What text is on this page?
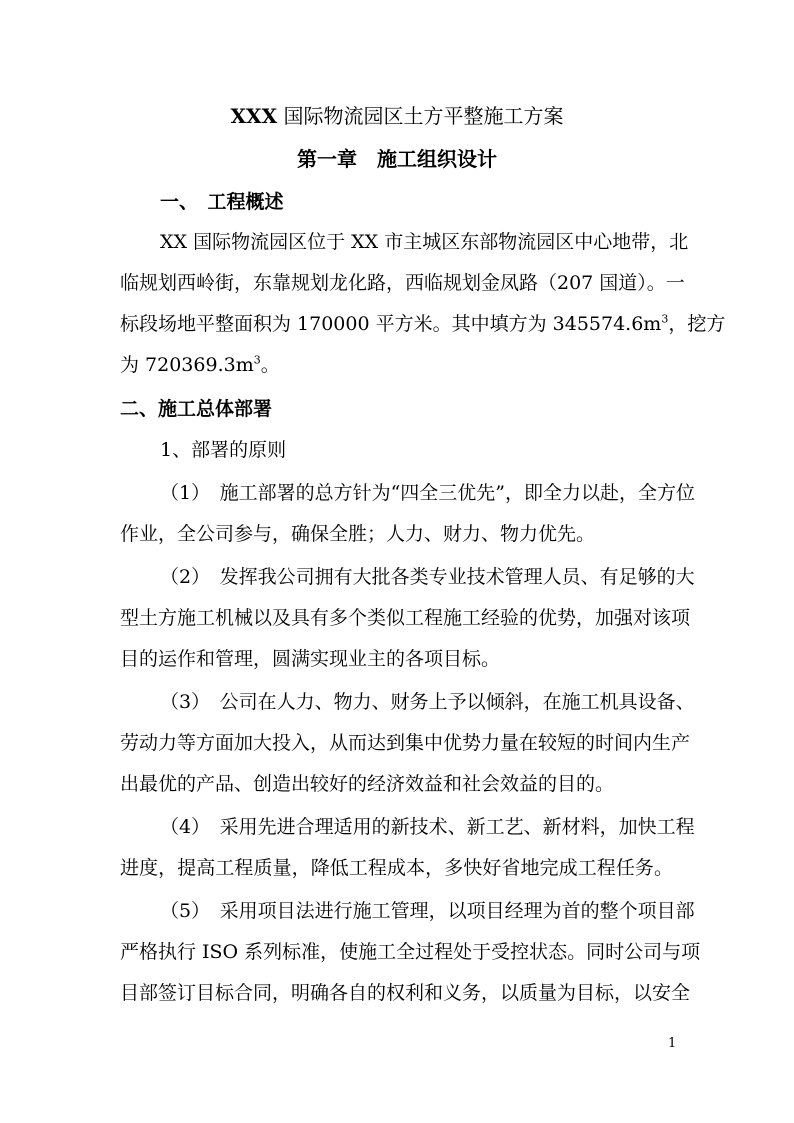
XXX 国际物流园区土方平整施工方案
第一章　施工组织设计
一、　工程概述
XX 国际物流园区位于 XX 市主城区东部物流园区中心地带，北
临规划西岭街，东靠规划龙化路，西临规划金凤路（207 国道）。一
标段场地平整面积为 170000 平方米。其中填方为 $345574.6m^3$，挖方
为 $720369.3m^3$。
二、施工总体部署
1、部署的原则
（1）　施工部署的总方针为“四全三优先”，即全力以赴，全方位
作业，全公司参与，确保全胜；人力、财力、物力优先。
（2）　发挥我公司拥有大批各类专业技术管理人员、有足够的大
型土方施工机械以及具有多个类似工程施工经验的优势，加强对该项
目的运作和管理，圆满实现业主的各项目标。
（3）　公司在人力、物力、财务上予以倾斜，在施工机具设备、
劳动力等方面加大投入，从而达到集中优势力量在较短的时间内生产
出最优的产品、创造出较好的经济效益和社会效益的目的。
（4）　采用先进合理适用的新技术、新工艺、新材料，加快工程
进度，提高工程质量，降低工程成本，多快好省地完成工程任务。
（5）　采用项目法进行施工管理，以项目经理为首的整个项目部
严格执行 ISO 系列标准，使施工全过程处于受控状态。同时公司与项
目部签订目标合同，明确各自的权利和义务，以质量为目标，以安全
1
